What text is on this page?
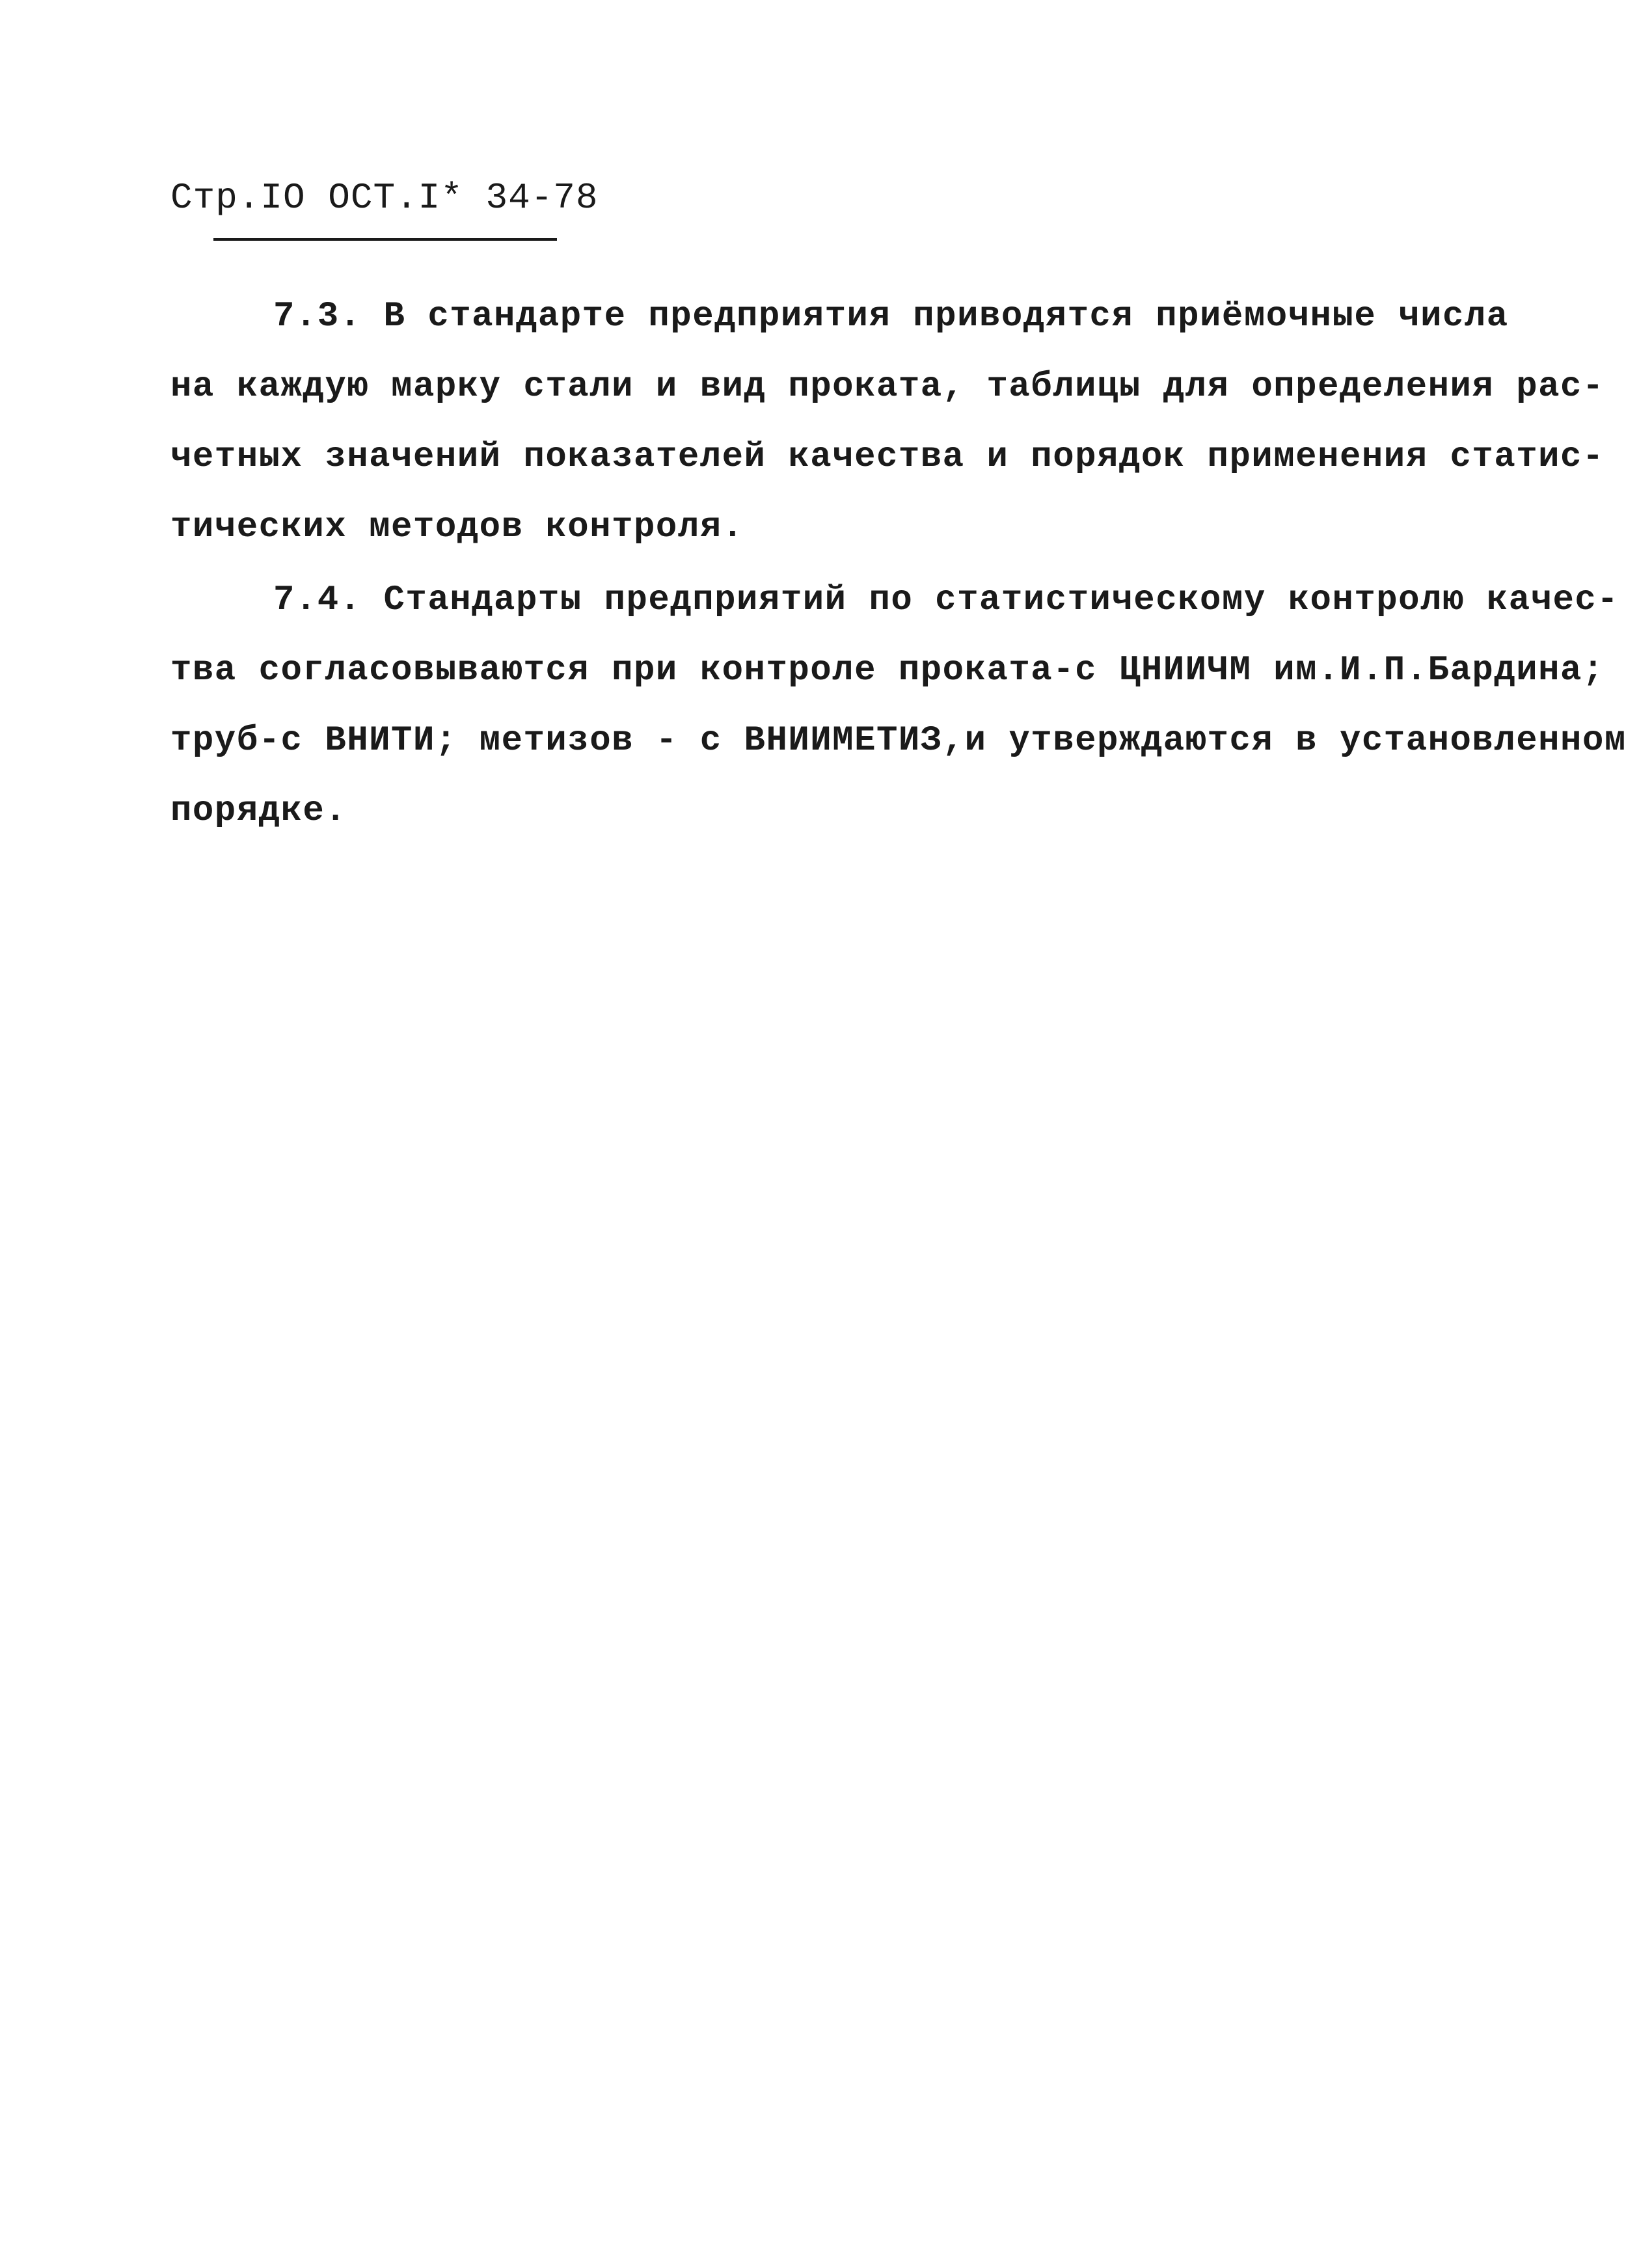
Стр.IO ОСТ.I* 34-78
7.3. В стандарте предприятия приводятся приёмочные числа
на каждую марку стали и вид проката, таблицы для определения рас-
четных значений показателей качества и порядок применения статис-
тических методов контроля.
7.4. Стандарты предприятий по статистическому контролю качес-
тва согласовываются при контроле проката-с ЦНИИЧМ им.И.П.Бардина;
труб-с ВНИТИ; метизов - с ВНИИМЕТИЗ,и утверждаются в установленном
порядке.
